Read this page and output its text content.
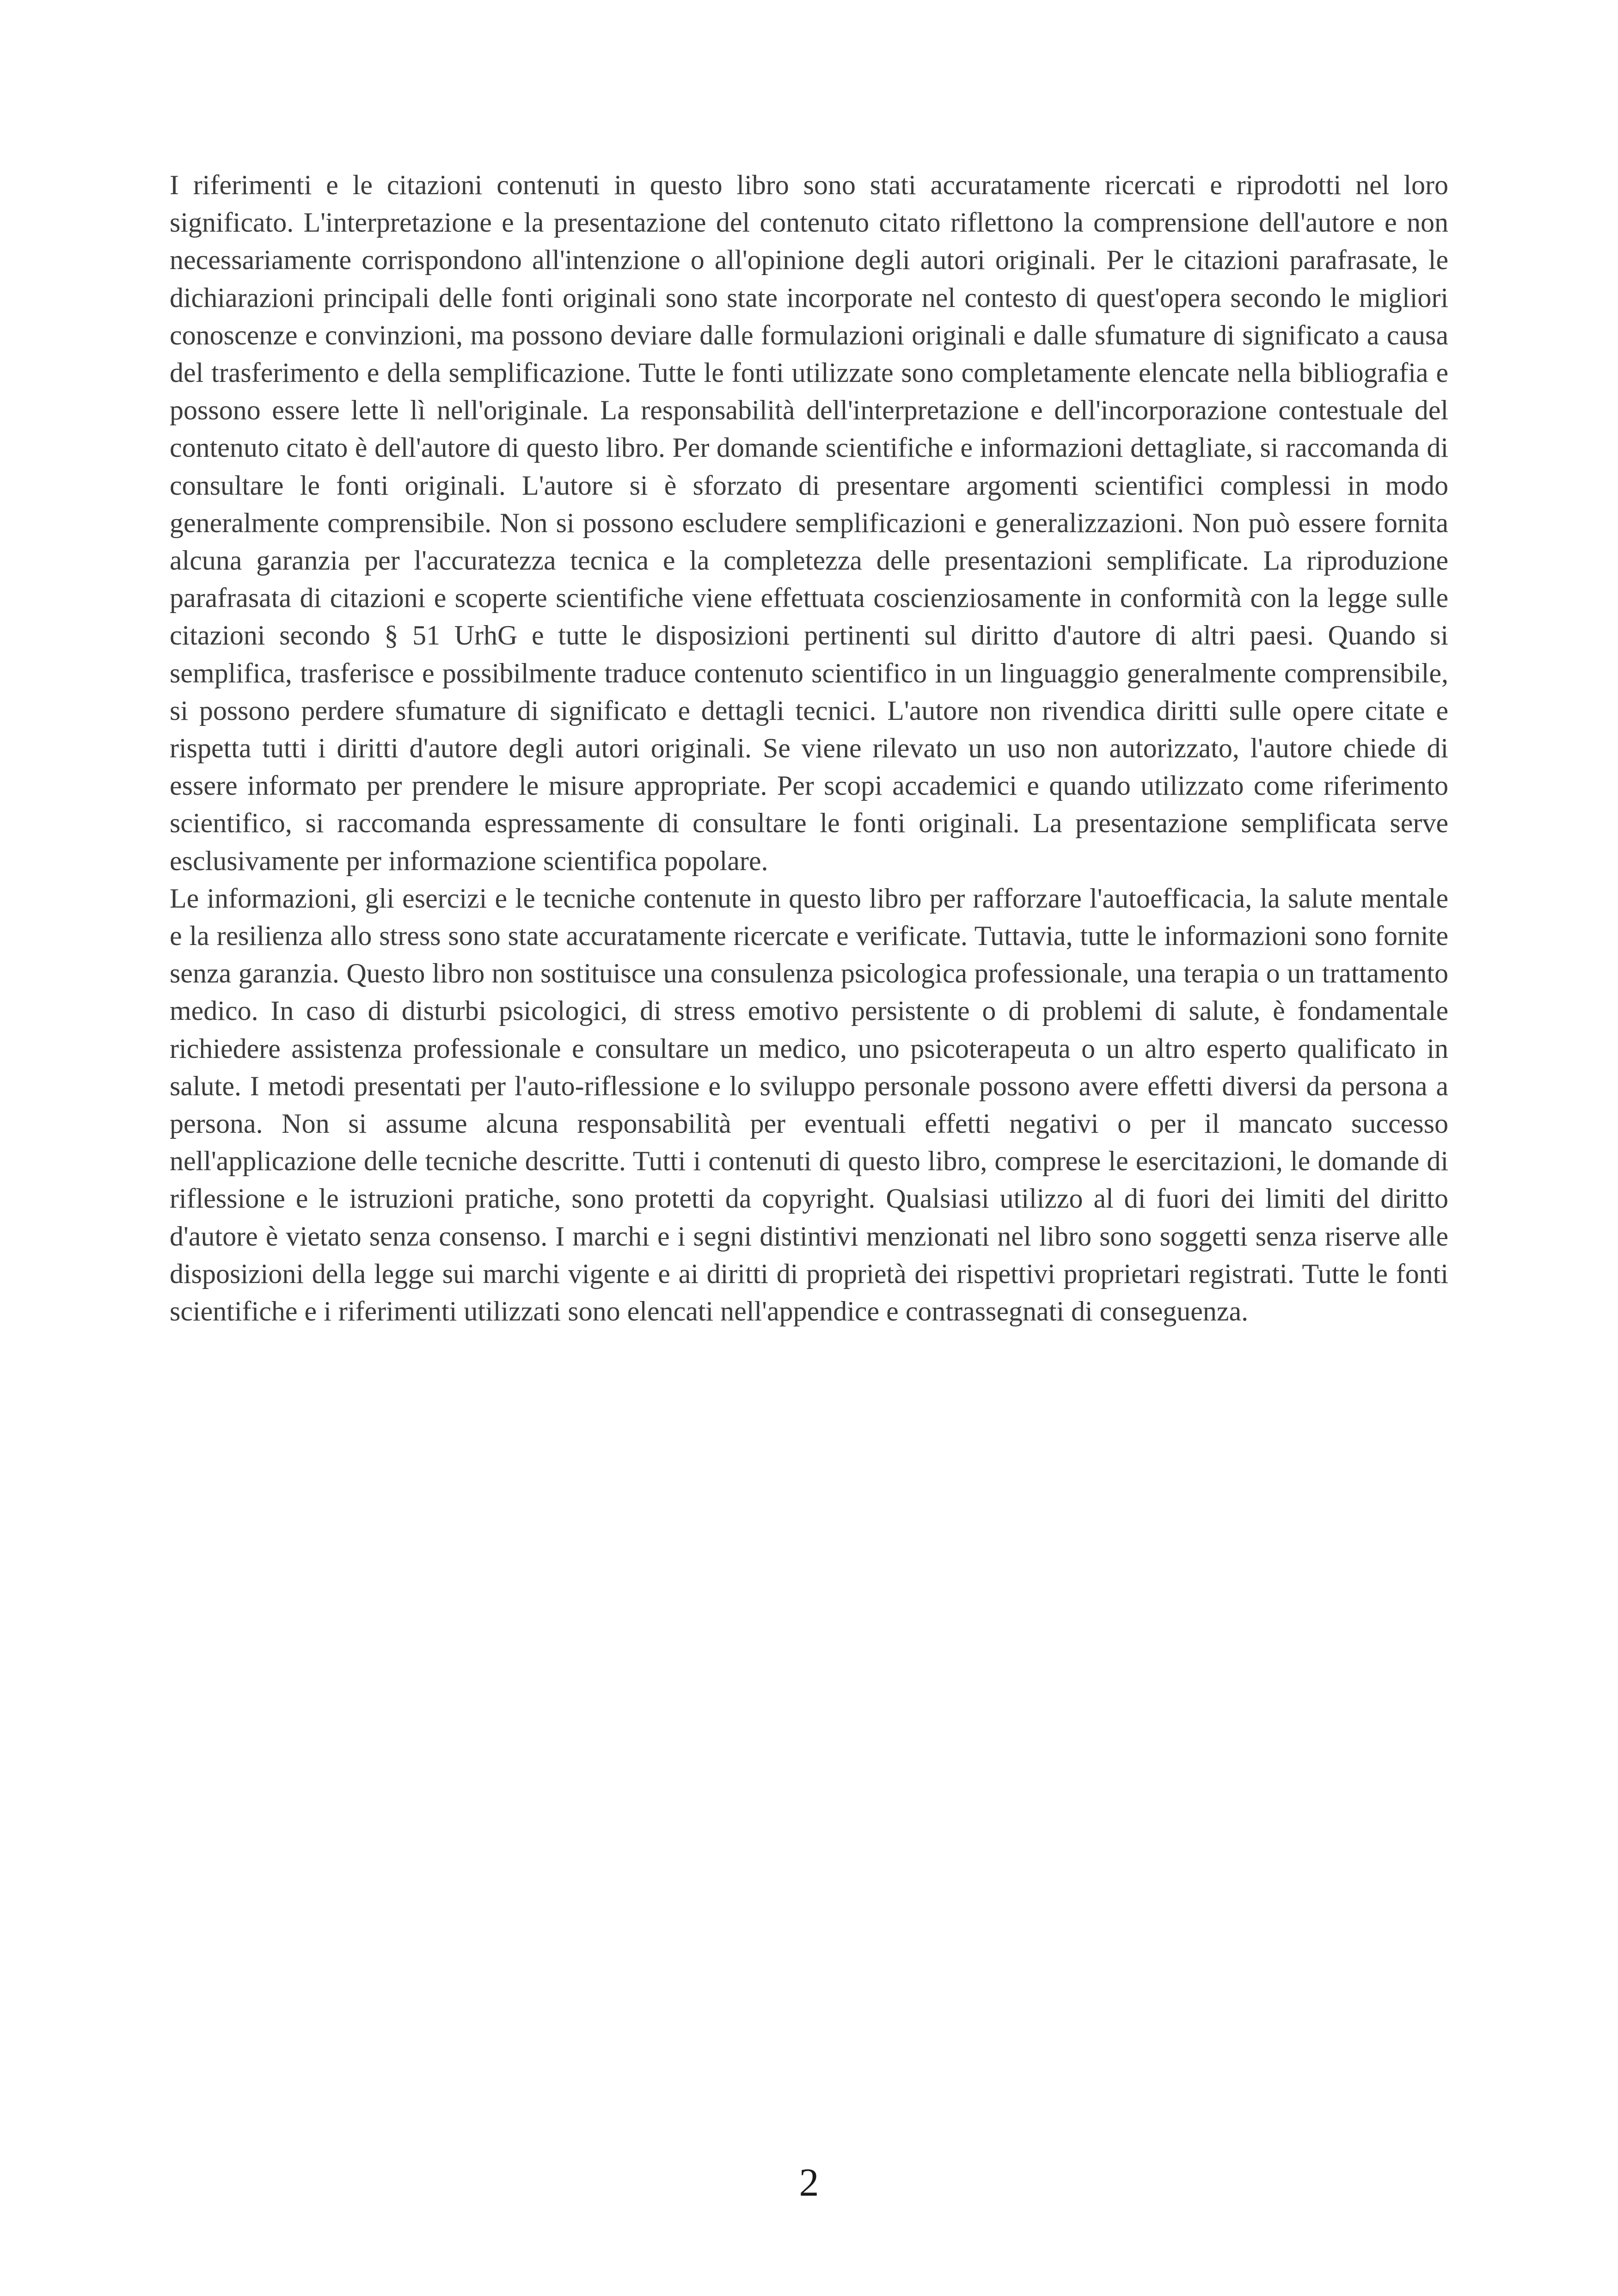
I riferimenti e le citazioni contenuti in questo libro sono stati accuratamente ricercati e riprodotti nel loro significato. L'interpretazione e la presentazione del contenuto citato riflettono la comprensione dell'autore e non necessariamente corrispondono all'intenzione o all'opinione degli autori originali. Per le citazioni parafrasate, le dichiarazioni principali delle fonti originali sono state incorporate nel contesto di quest'opera secondo le migliori conoscenze e convinzioni, ma possono deviare dalle formulazioni originali e dalle sfumature di significato a causa del trasferimento e della semplificazione. Tutte le fonti utilizzate sono completamente elencate nella bibliografia e possono essere lette lì nell'originale. La responsabilità dell'interpretazione e dell'incorporazione contestuale del contenuto citato è dell'autore di questo libro. Per domande scientifiche e informazioni dettagliate, si raccomanda di consultare le fonti originali. L'autore si è sforzato di presentare argomenti scientifici complessi in modo generalmente comprensibile. Non si possono escludere semplificazioni e generalizzazioni. Non può essere fornita alcuna garanzia per l'accuratezza tecnica e la completezza delle presentazioni semplificate. La riproduzione parafrasata di citazioni e scoperte scientifiche viene effettuata coscienziosamente in conformità con la legge sulle citazioni secondo § 51 UrhG e tutte le disposizioni pertinenti sul diritto d'autore di altri paesi. Quando si semplifica, trasferisce e possibilmente traduce contenuto scientifico in un linguaggio generalmente comprensibile, si possono perdere sfumature di significato e dettagli tecnici. L'autore non rivendica diritti sulle opere citate e rispetta tutti i diritti d'autore degli autori originali. Se viene rilevato un uso non autorizzato, l'autore chiede di essere informato per prendere le misure appropriate. Per scopi accademici e quando utilizzato come riferimento scientifico, si raccomanda espressamente di consultare le fonti originali. La presentazione semplificata serve esclusivamente per informazione scientifica popolare.

Le informazioni, gli esercizi e le tecniche contenute in questo libro per rafforzare l'autoefficacia, la salute mentale e la resilienza allo stress sono state accuratamente ricercate e verificate. Tuttavia, tutte le informazioni sono fornite senza garanzia. Questo libro non sostituisce una consulenza psicologica professionale, una terapia o un trattamento medico. In caso di disturbi psicologici, di stress emotivo persistente o di problemi di salute, è fondamentale richiedere assistenza professionale e consultare un medico, uno psicoterapeuta o un altro esperto qualificato in salute. I metodi presentati per l'auto-riflessione e lo sviluppo personale possono avere effetti diversi da persona a persona. Non si assume alcuna responsabilità per eventuali effetti negativi o per il mancato successo nell'applicazione delle tecniche descritte. Tutti i contenuti di questo libro, comprese le esercitazioni, le domande di riflessione e le istruzioni pratiche, sono protetti da copyright. Qualsiasi utilizzo al di fuori dei limiti del diritto d'autore è vietato senza consenso. I marchi e i segni distintivi menzionati nel libro sono soggetti senza riserve alle disposizioni della legge sui marchi vigente e ai diritti di proprietà dei rispettivi proprietari registrati. Tutte le fonti scientifiche e i riferimenti utilizzati sono elencati nell'appendice e contrassegnati di conseguenza.

2
